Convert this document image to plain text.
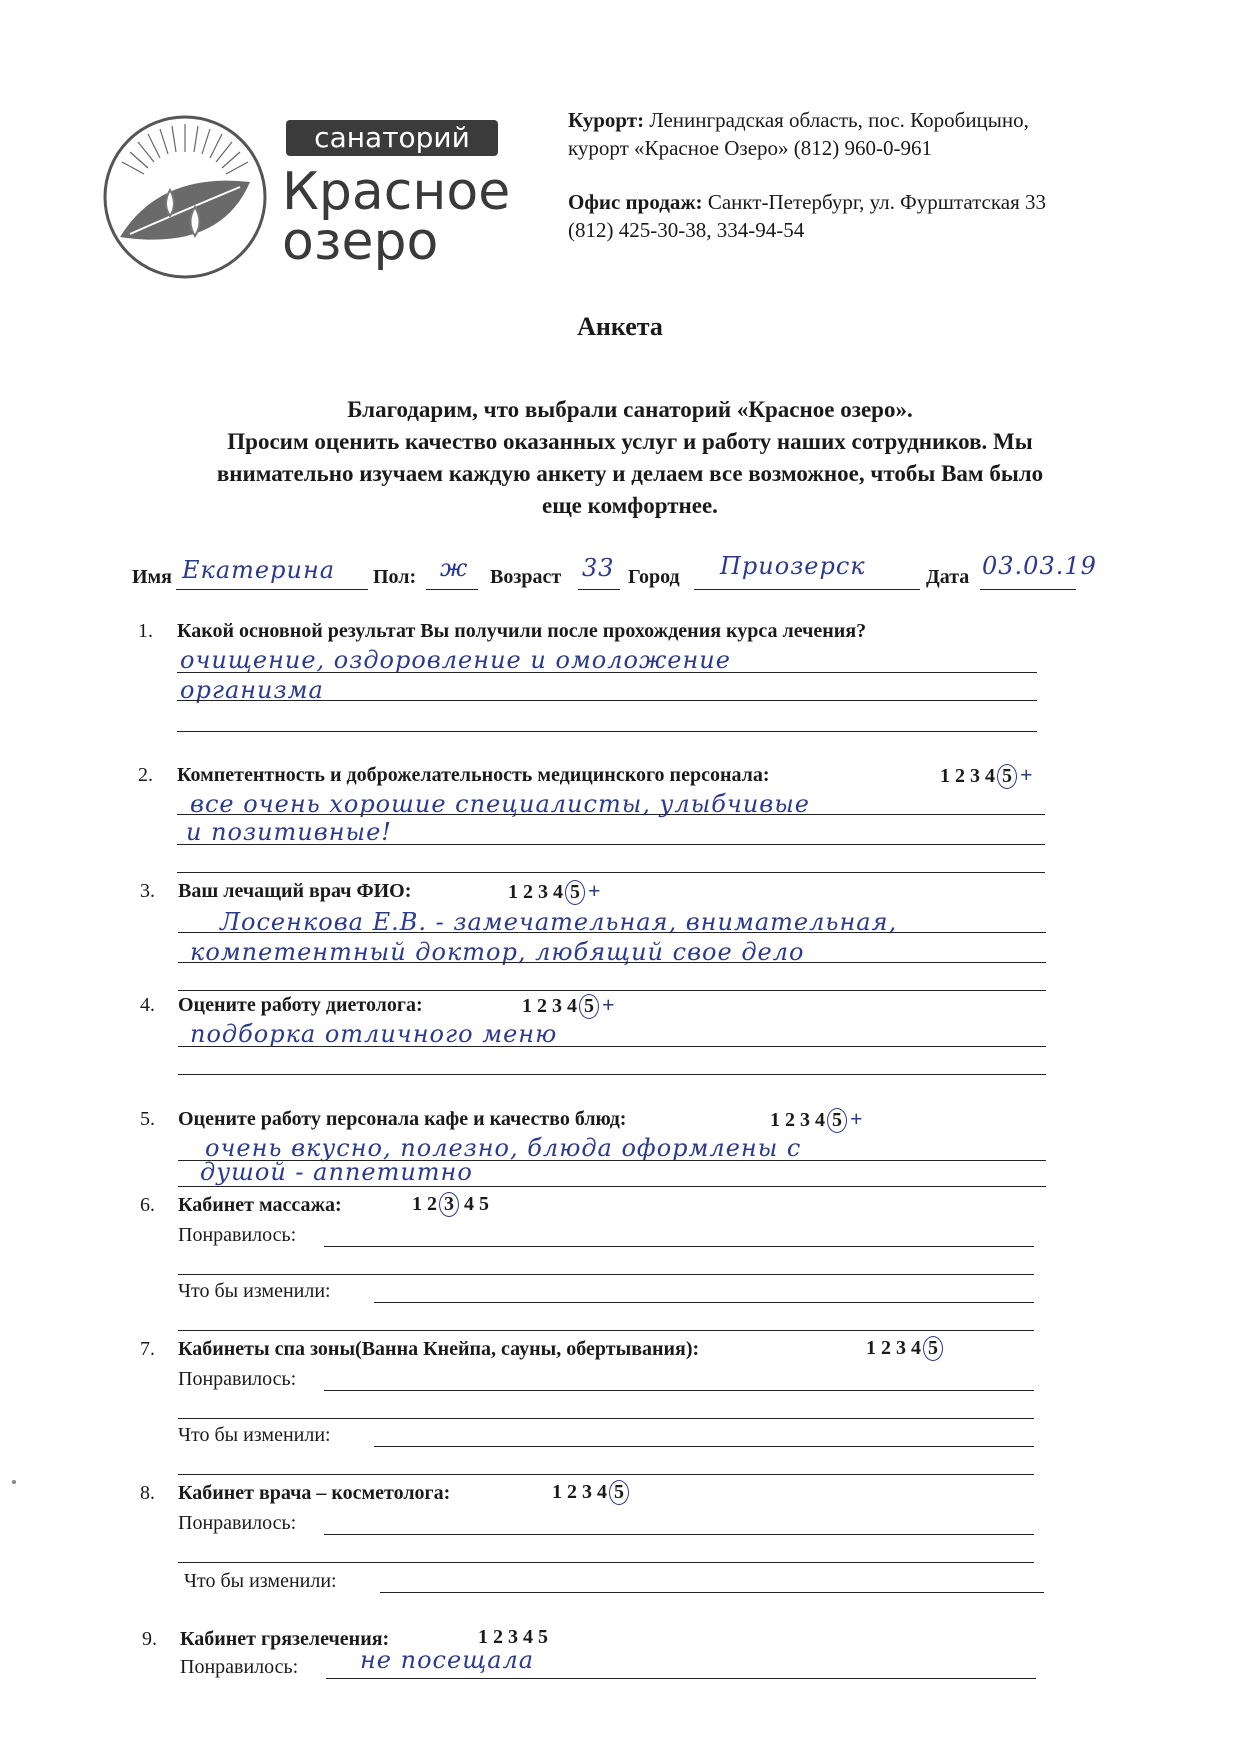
санаторий
Красное
озеро
Курорт: Ленинградская область, пос. Коробицыно,
курорт «Красное Озеро» (812) 960-0-961
Офис продаж: Санкт-Петербург, ул. Фурштатская 33
(812) 425-30-38, 334-94-54
Анкета
Благодарим, что выбрали санаторий «Красное озеро».
Просим оценить качество оказанных услуг и работу наших сотрудников. Мы
внимательно изучаем каждую анкету и делаем все возможное, чтобы Вам было
еще комфортнее.
Имя Екатерина Пол: ж Возраст 33 Город Приозерск	Дата 03.03.19
1. Какой основной результат Вы получили после прохождения курса лечения?
очищение, оздоровление и омоложение
организма
2. Компетентность и доброжелательность медицинского персонала:	1 2 3 4 5 +
все очень хорошие специалисты, улыбчивые
и позитивные!
3. Ваш лечащий врач ФИО:	1 2 3 4 5 +
Лосенкова Е.В. - замечательная, внимательная,
компетентный доктор, любящий свое дело
4. Оцените работу диетолога:	1 2 3 4 5 +
подборка отличного меню
5. Оцените работу персонала кафе и качество блюд:	1 2 3 4 5 +
очень вкусно, полезно, блюда оформлены с
душой - аппетитно
6. Кабинет массажа:	1 2 3 4 5
Понравилось:
Что бы изменили:
7. Кабинеты спа зоны(Ванна Кнейпа, сауны, обертывания):	1 2 3 4 5
Понравилось:
Что бы изменили:
8. Кабинет врача – косметолога:	1 2 3 4 5
Понравилось:
Что бы изменили:
9. Кабинет грязелечения:	1 2 3 4 5
Понравилось:	не посещала
